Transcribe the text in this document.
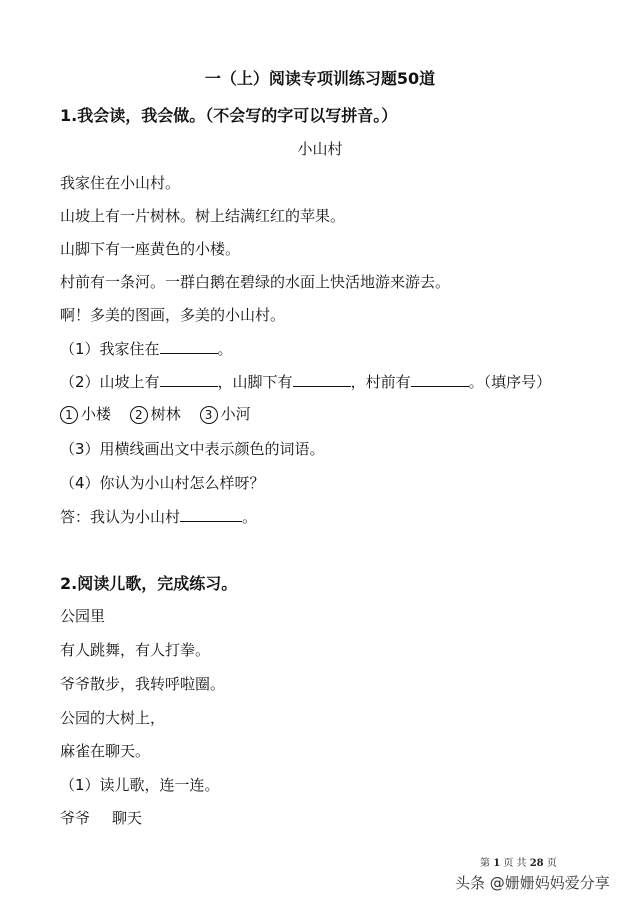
一（上）阅读专项训练习题50道
1.我会读，我会做。（不会写的字可以写拼音。）
小山村
我家住在小山村。
山坡上有一片树林。树上结满红红的苹果。
山脚下有一座黄色的小楼。
村前有一条河。一群白鹅在碧绿的水面上快活地游来游去。
啊！多美的图画，多美的小山村。
（1）我家住在	。
（2）山坡上有	，山脚下有	，村前有	。（填序号）
1 小楼 2 树林 3 小河
（3）用横线画出文中表示颜色的词语。
（4）你认为小山村怎么样呀？
答：我认为小山村	。
2.阅读儿歌，完成练习。
公园里
有人跳舞，有人打拳。
爷爷散步，我转呼啦圈。
公园的大树上，
麻雀在聊天。
（1）读儿歌，连一连。
爷爷 聊天
第 1 页 共 28 页
头条 @姗姗妈妈爱分享
